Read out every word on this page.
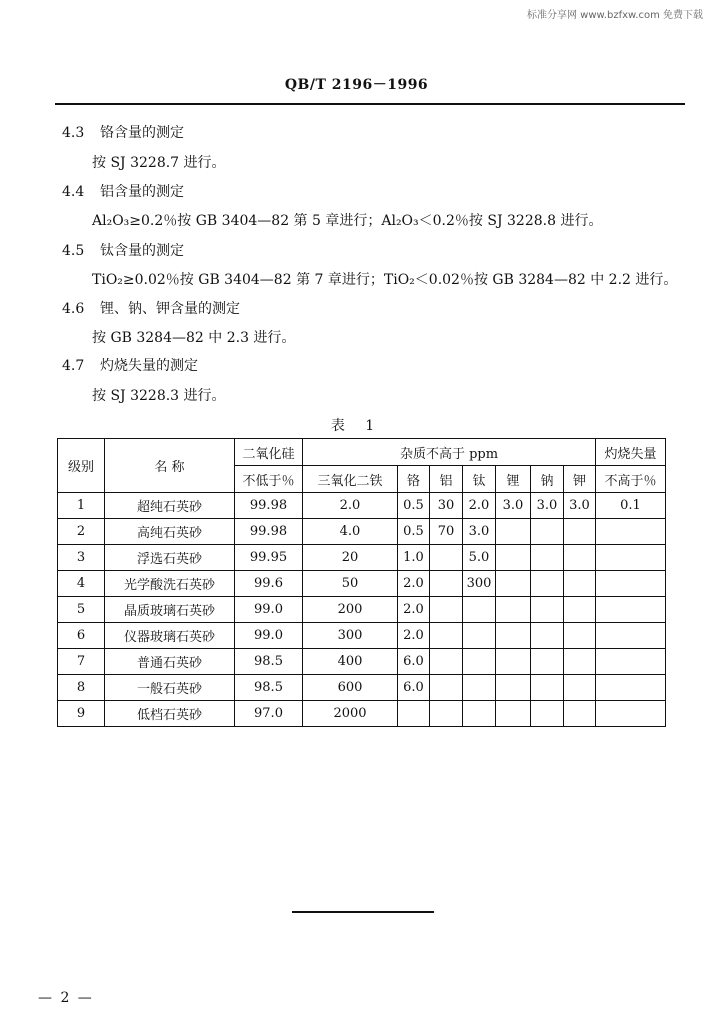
标准分享网 www.bzfxw.com 免费下载
QB/T 2196－1996
4.3 铬含量的测定
按 SJ 3228.7 进行。
4.4 铝含量的测定
Al₂O₃≥0.2％按 GB 3404—82 第 5 章进行；Al₂O₃＜0.2％按 SJ 3228.8 进行。
4.5 钛含量的测定
TiO₂≥0.02％按 GB 3404—82 第 7 章进行；TiO₂＜0.02％按 GB 3284—82 中 2.2 进行。
4.6 锂、钠、钾含量的测定
按 GB 3284—82 中 2.3 进行。
4.7 灼烧失量的测定
按 SJ 3228.3 进行。
表 1
级别	名 称	二氧化硅	杂质不高于 ppm							灼烧失量
		不低于％	三氧化二铁	铬	铝	钛	锂	钠	钾	不高于％
1	超纯石英砂	99.98	2.0	0.5	30	2.0	3.0	3.0	3.0	0.1
2	高纯石英砂	99.98	4.0	0.5	70	3.0				
3	浮选石英砂	99.95	20	1.0		5.0				
4	光学酸洗石英砂	99.6	50	2.0		300				
5	晶质玻璃石英砂	99.0	200	2.0						
6	仪器玻璃石英砂	99.0	300	2.0						
7	普通石英砂	98.5	400	6.0						
8	一般石英砂	98.5	600	6.0						
9	低档石英砂	97.0	2000							
— 2 —
